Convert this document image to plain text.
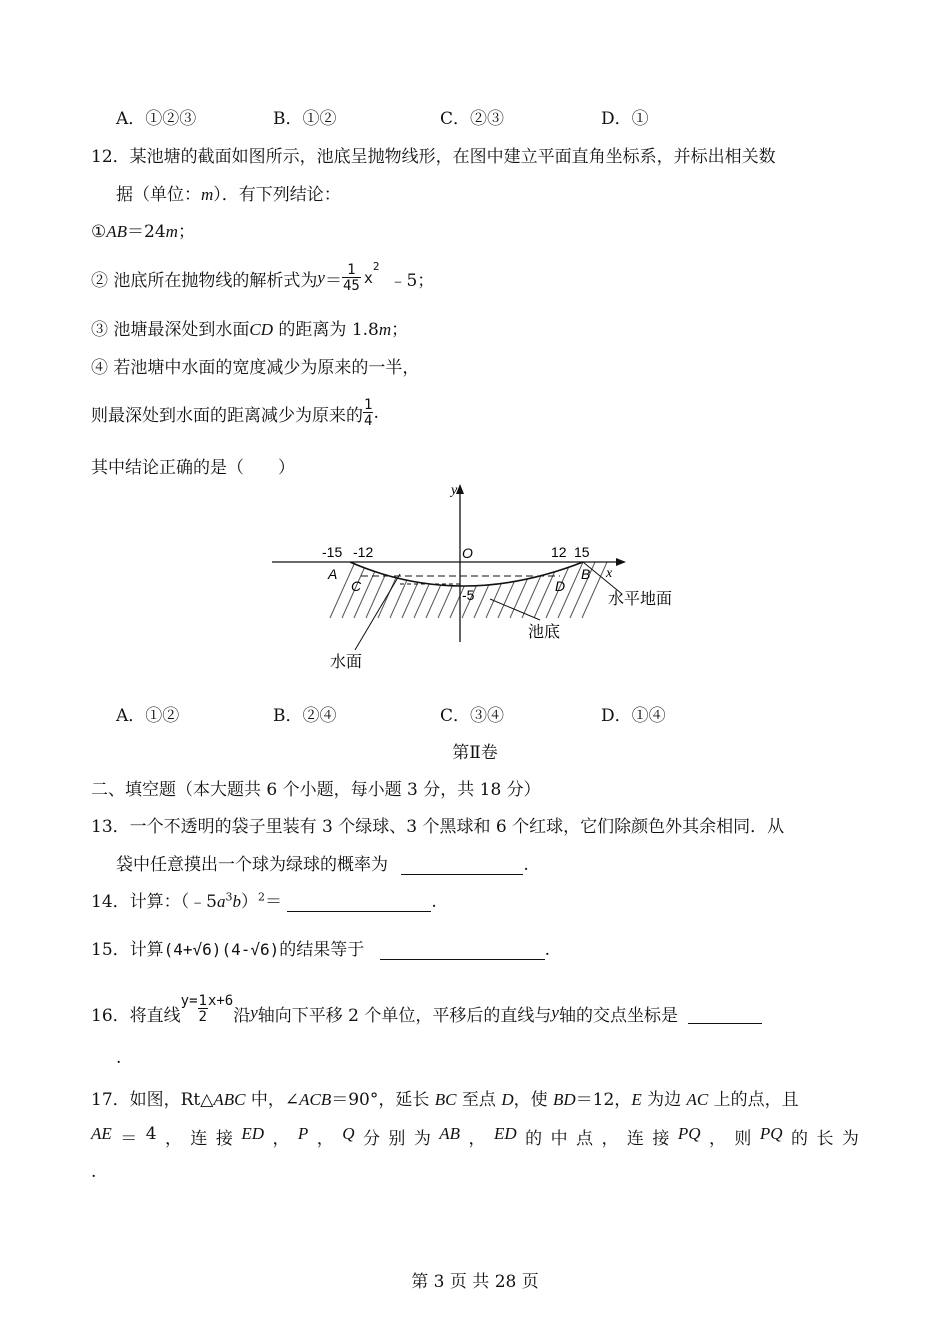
A．①②③	B．①②	C．②③	D．①
12．某池塘的截面如图所示，池底呈抛物线形，在图中建立平面直角坐标系，并标出相关数
据（单位：m）．有下列结论：
①AB＝24m；
② 池底所在抛物线的解析式为 $y = \frac{1}{45}$ x
$^2$
﹣5；
③ 池塘最深处到水面CD 的距离为 1.8m；
④ 若池塘中水面的宽度减少为原来的一半，
则最深处到水面的距离减少为原来的 $\frac{1}{4}$ .
其中结论正确的是（　　）
y
x
O
-15 -12	12 15
A	B
C	D
-5	水平地面
池底
水面
A．①②	B．②④	C．③④	D．①④
第Ⅱ卷
二、填空题（本大题共 6 个小题，每小题 3 分，共 18 分）
13．一个不透明的袋子里装有 3 个绿球、3 个黑球和 6 个红球，它们除颜色外其余相同．从
袋中任意摸出一个球为绿球的概率为	.
14．计算：$(﹣5a^3b)^2=$	.
15．计算(4+√6)(4-√6)的结果等于	.
16．将直线
$y= \frac{1}{2} x+6$
沿 y 轴向下平移 2 个单位，平移后的直线与 y 轴的交点坐标是
.
17．如图，Rt△ABC 中，∠ACB＝90°，延长 BC 至点 D，使 BD＝12，E 为边 AC 上的点，且
AE ＝ 4 ， 连 接 ED ， P ， Q 分 别 为 AB ， ED 的 中 点 ， 连 接 PQ ， 则 PQ 的 长 为
.
第 3 页 共 28 页
